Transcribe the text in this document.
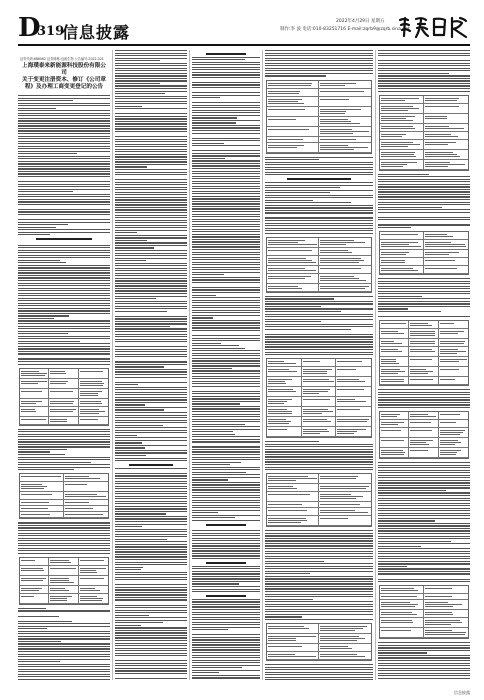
D
319
信息披露
2022年4月29日 星期五
制作:李 波 电话:010-83251716 E-mail:zqrb9@zqrb.sina.net
证券代码:688062 证券简称:迈威生物 公告编号:2022-021
上海璞泰来新能源科技股份有限公司
关于变更注册资本、修订《公司章程》及办理工商变更登记的公告
信息披露
